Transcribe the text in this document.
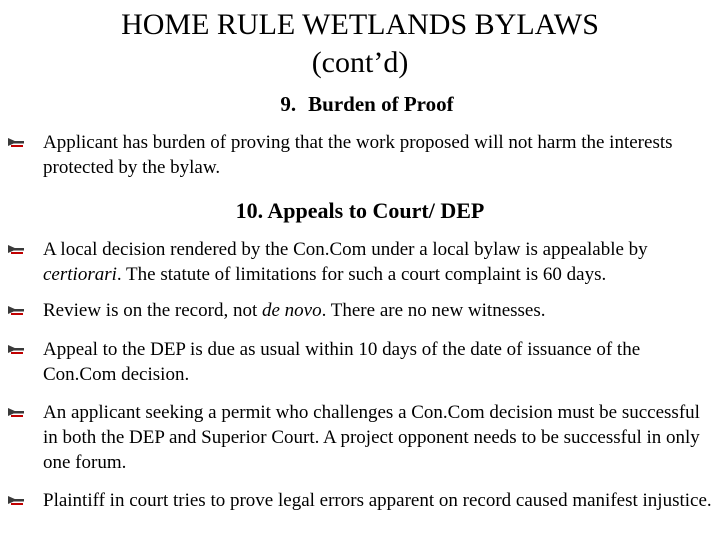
HOME RULE WETLANDS BYLAWS
(cont’d)
9. Burden of Proof
Applicant has burden of proving that the work proposed will not harm the interests protected by the bylaw.
10. Appeals to Court/ DEP
A local decision rendered by the Con.Com under a local bylaw is appealable by certiorari. The statute of limitations for such a court complaint is 60 days.
Review is on the record, not de novo. There are no new witnesses.
Appeal to the DEP is due as usual within 10 days of the date of issuance of the Con.Com decision.
An applicant seeking a permit who challenges a Con.Com decision must be successful in both the DEP and Superior Court. A project opponent needs to be successful in only one forum.
Plaintiff in court tries to prove legal errors apparent on record caused manifest injustice.
